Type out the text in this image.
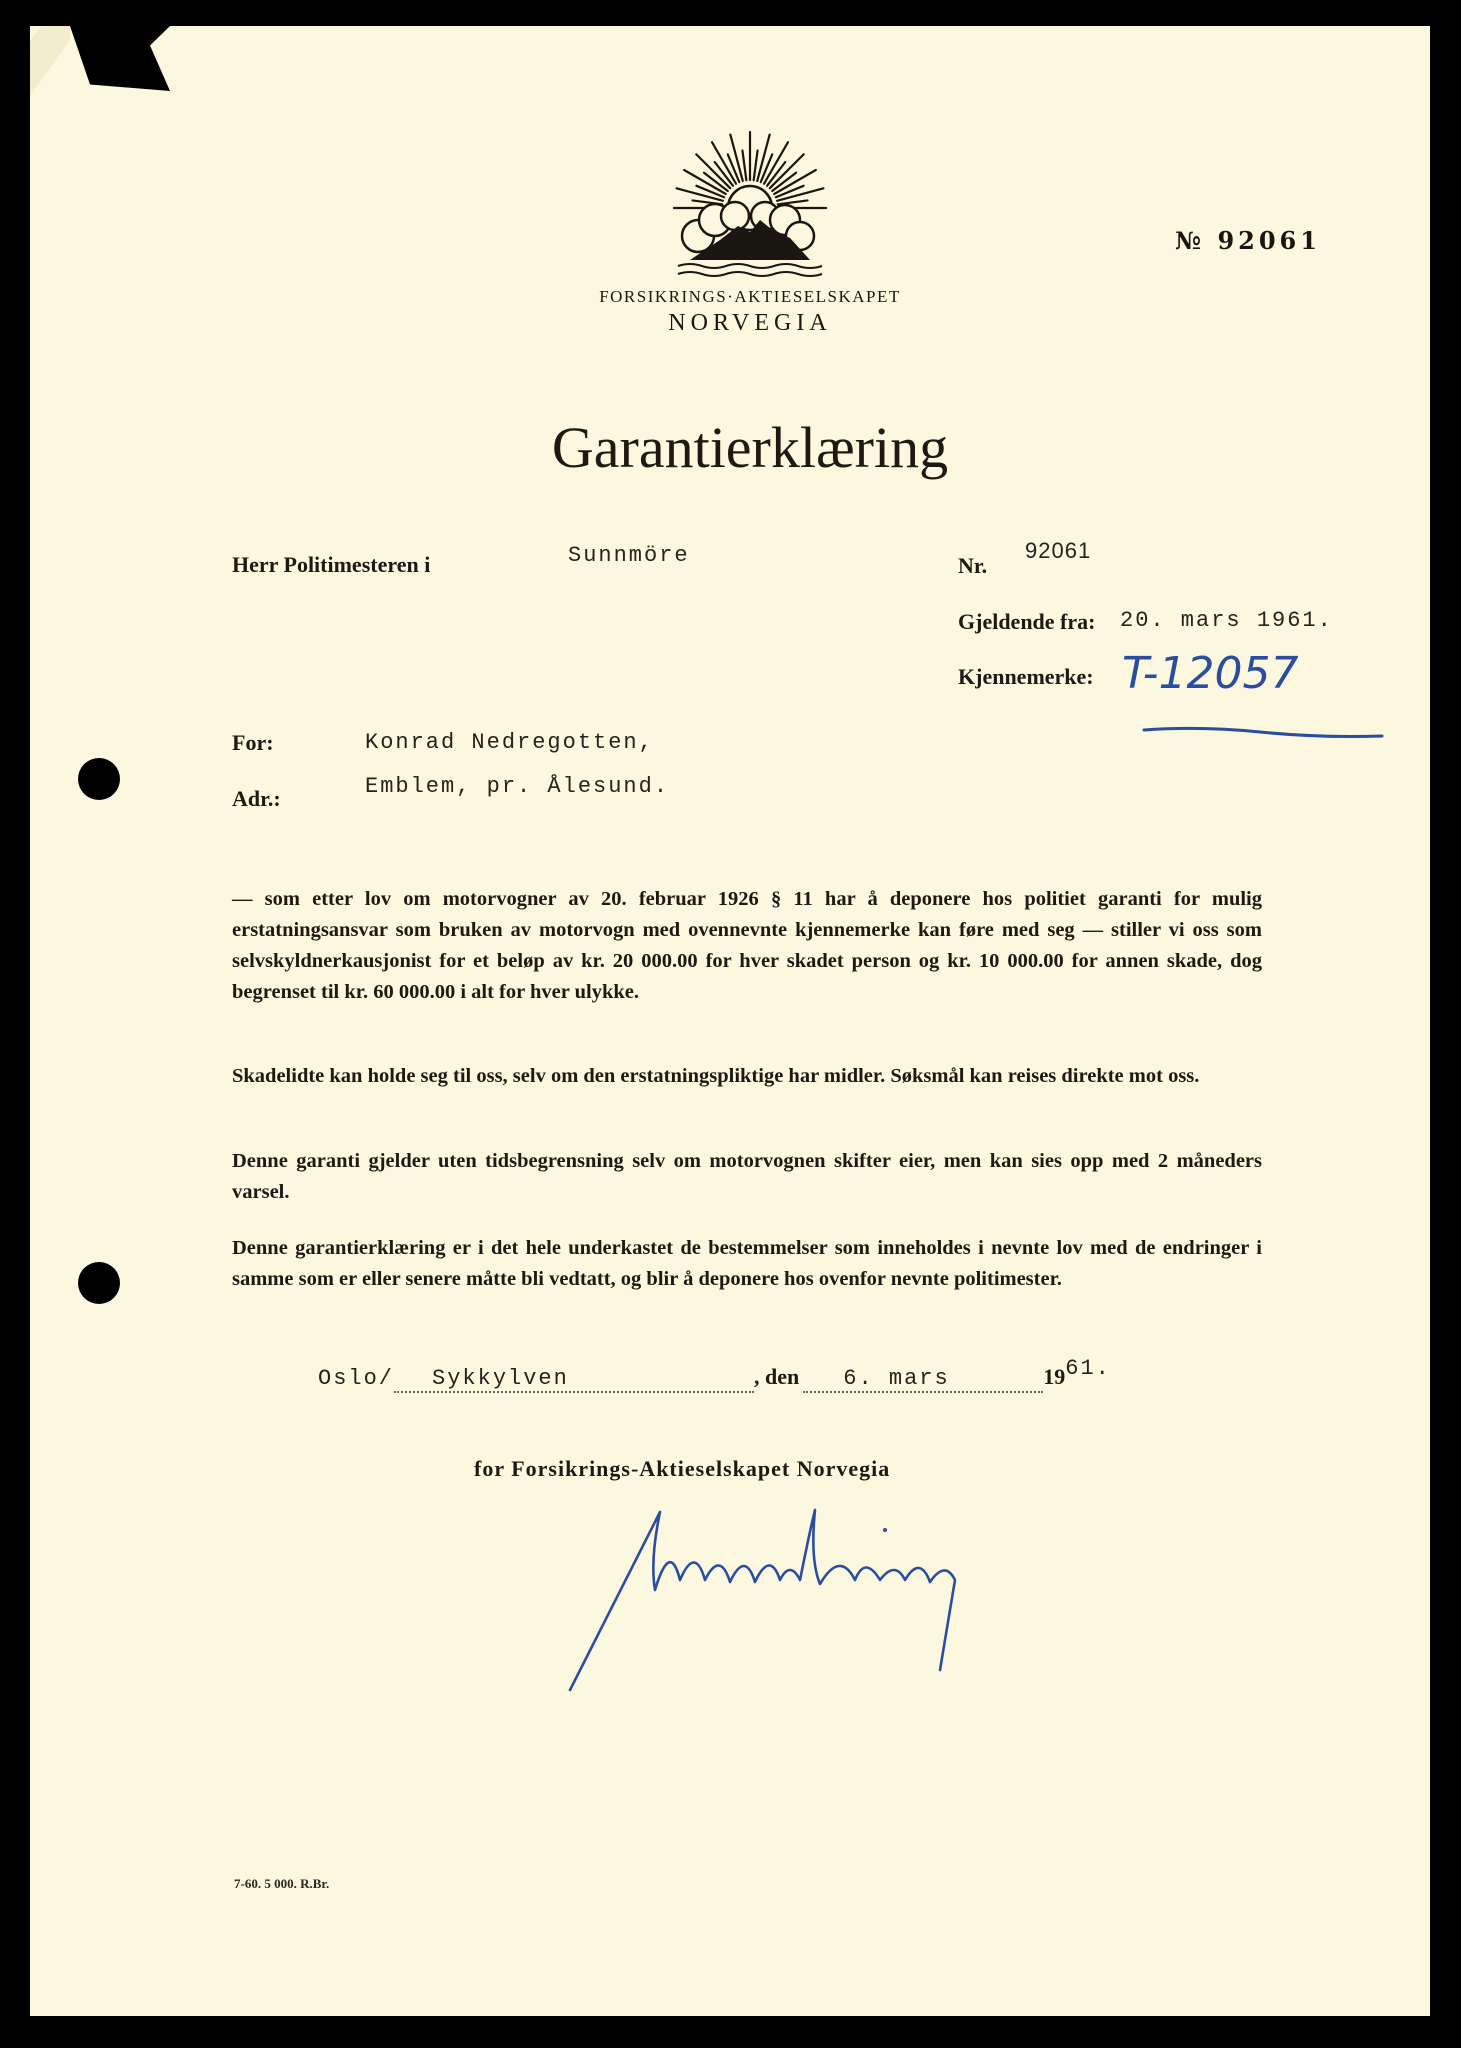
FORSIKRINGS·AKTIESELSKAPET
NORVEGIA
№ 92061
Garantierklæring
Herr Politimesteren i	Sunnmöre	Nr.
92061
Gjeldende fra: 20. mars 1961.
Kjennemerke: T-12057
For:	Konrad Nedregotten,
Adr.:	Emblem, pr. Ålesund.
— som etter lov om motorvogner av 20. februar 1926 § 11 har å deponere hos politiet garanti for mulig erstatningsansvar som bruken av motorvogn med ovennevnte kjennemerke kan føre med seg — stiller vi oss som selvskyldnerkausjonist for et beløp av kr. 20 000.00 for hver skadet person og kr. 10 000.00 for annen skade, dog begrenset til kr. 60 000.00 i alt for hver ulykke.
Skadelidte kan holde seg til oss, selv om den erstatningspliktige har midler. Søksmål kan reises direkte mot oss.
Denne garanti gjelder uten tidsbegrensning selv om motorvognen skifter eier, men kan sies opp med 2 måneders varsel.
Denne garantierklæring er i det hele underkastet de bestemmelser som inneholdes i nevnte lov med de endringer i samme som er eller senere måtte bli vedtatt, og blir å deponere hos ovenfor nevnte politimester.
Oslo/ Sykkylven	, den 6. mars	1961.
for Forsikrings-Aktieselskapet Norvegia
7-60. 5 000. R.Br.
